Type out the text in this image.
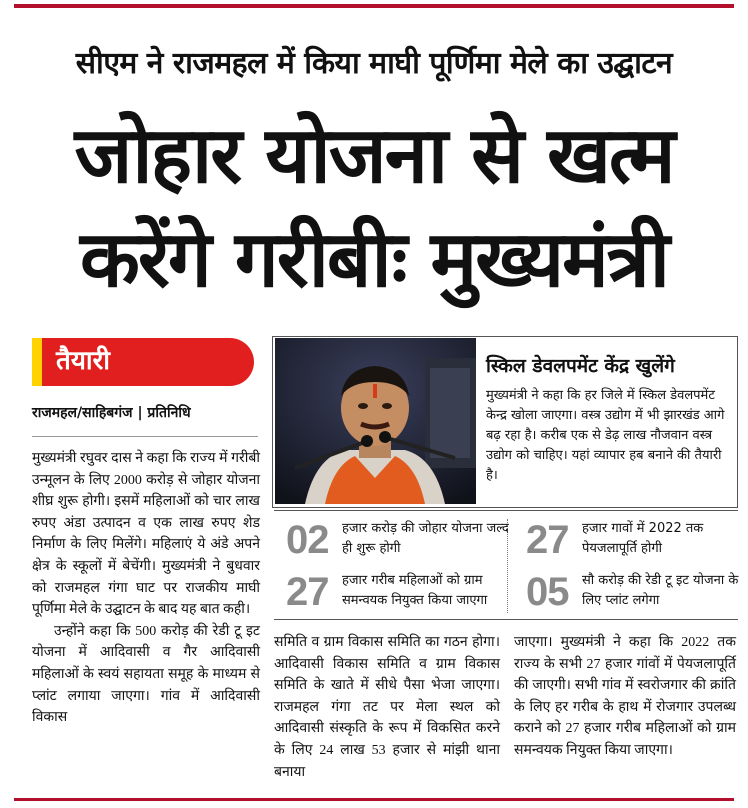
सीएम ने राजमहल में किया माघी पूर्णिमा मेले का उद्घाटन
जोहार योजना से खत्म
करेंगे गरीबीः मुख्यमंत्री
तैयारी
राजमहल/साहिबगंज | प्रतिनिधि

मुख्यमंत्री रघुवर दास ने कहा कि राज्य में गरीबी उन्मूलन के लिए 2000 करोड़ से जोहार योजना शीघ्र शुरू होगी। इसमें महिलाओं को चार लाख रुपए अंडा उत्पादन व एक लाख रुपए शेड निर्माण के लिए मिलेंगे। महिलाएं ये अंडे अपने क्षेत्र के स्कूलों में बेचेंगी। मुख्यमंत्री ने बुधवार को राजमहल गंगा घाट पर राजकीय माघी पूर्णिमा मेले के उद्घाटन के बाद यह बात कही।

उन्होंने कहा कि 500 करोड़ की रेडी टू इट योजना में आदिवासी व गैर आदिवासी महिलाओं के स्वयं सहायता समूह के माध्यम से प्लांट लगाया जाएगा। गांव में आदिवासी विकास

स्किल डेवलपमेंट केंद्र खुलेंगे
मुख्यमंत्री ने कहा कि हर जिले में स्किल डेवलपमेंट केन्द्र खोला जाएगा। वस्त्र उद्योग में भी झारखंड आगे बढ़ रहा है। करीब एक से डेढ़ लाख नौजवान वस्त्र उद्योग को चाहिए। यहां व्यापार हब बनाने की तैयारी है।
02	हजार करोड़ की जोहार योजना जल्द ही शुरू होगी
27	हजार गरीब महिलाओं को ग्राम समन्वयक नियुक्त किया जाएगा
27	हजार गावों में 2022 तक पेयजलापूर्ति होगी
05	सौ करोड़ की रेडी टू इट योजना के लिए प्लांट लगेगा
समिति व ग्राम विकास समिति का गठन होगा। आदिवासी विकास समिति व ग्राम विकास समिति के खाते में सीधे पैसा भेजा जाएगा। राजमहल गंगा तट पर मेला स्थल को आदिवासी संस्कृति के रूप में विकसित करने के लिए 24 लाख 53 हजार से मांझी थाना बनाया
जाएगा। मुख्यमंत्री ने कहा कि 2022 तक राज्य के सभी 27 हजार गांवों में पेयजलापूर्ति की जाएगी। सभी गांव में स्वरोजगार की क्रांति के लिए हर गरीब के हाथ में रोजगार उपलब्ध कराने को 27 हजार गरीब महिलाओं को ग्राम समन्वयक नियुक्त किया जाएगा।
